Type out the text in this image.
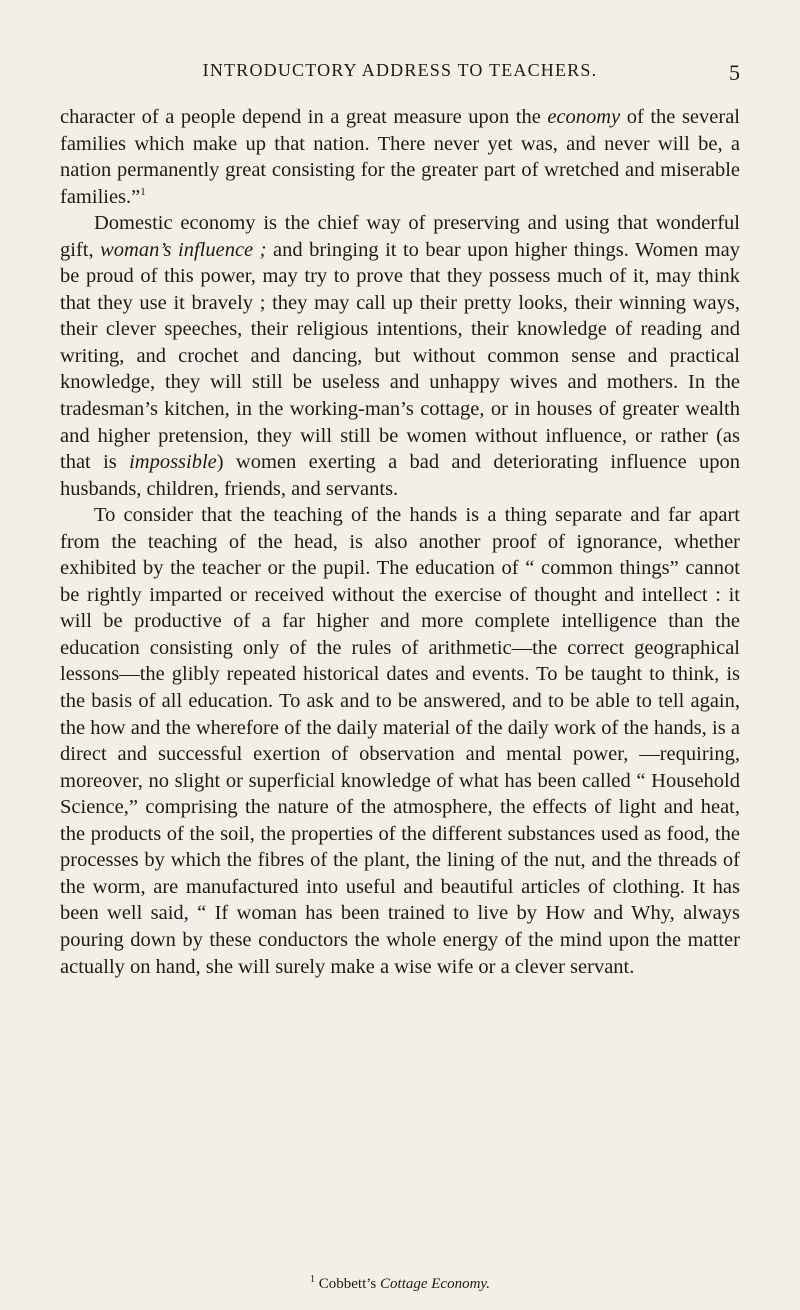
INTRODUCTORY ADDRESS TO TEACHERS.	5

character of a people depend in a great measure upon the economy of the several families which make up that nation. There never yet was, and never will be, a nation permanently great consisting for the greater part of wretched and miserable families.”$^1$

Domestic economy is the chief way of preserving and using that wonderful gift, woman’s influence ; and bringing it to bear upon higher things. Women may be proud of this power, may try to prove that they possess much of it, may think that they use it bravely ; they may call up their pretty looks, their winning ways, their clever speeches, their religious intentions, their knowledge of reading and writing, and crochet and dancing, but without common sense and practical knowledge, they will still be useless and unhappy wives and mothers. In the tradesman’s kitchen, in the working-man’s cottage, or in houses of greater wealth and higher pretension, they will still be women without influence, or rather (as that is impossible) women exerting a bad and deteriorating influence upon husbands, children, friends, and servants.

To consider that the teaching of the hands is a thing separate and far apart from the teaching of the head, is also another proof of ignorance, whether exhibited by the teacher or the pupil. The education of “ common things” cannot be rightly imparted or received without the exercise of thought and intellect : it will be productive of a far higher and more complete intelligence than the education consisting only of the rules of arithmetic—the correct geographical lessons—the glibly repeated historical dates and events. To be taught to think, is the basis of all education. To ask and to be answered, and to be able to tell again, the how and the wherefore of the daily material of the daily work of the hands, is a direct and successful exertion of observation and mental power, —requiring, moreover, no slight or superficial knowledge of what has been called “ Household Science,” comprising the nature of the atmosphere, the effects of light and heat, the products of the soil, the properties of the different substances used as food, the processes by which the fibres of the plant, the lining of the nut, and the threads of the worm, are manufactured into useful and beautiful articles of clothing. It has been well said, “ If woman has been trained to live by How and Why, always pouring down by these conductors the whole energy of the mind upon the matter actually on hand, she will surely make a wise wife or a clever servant.

$^1$ Cobbett’s Cottage Economy.
